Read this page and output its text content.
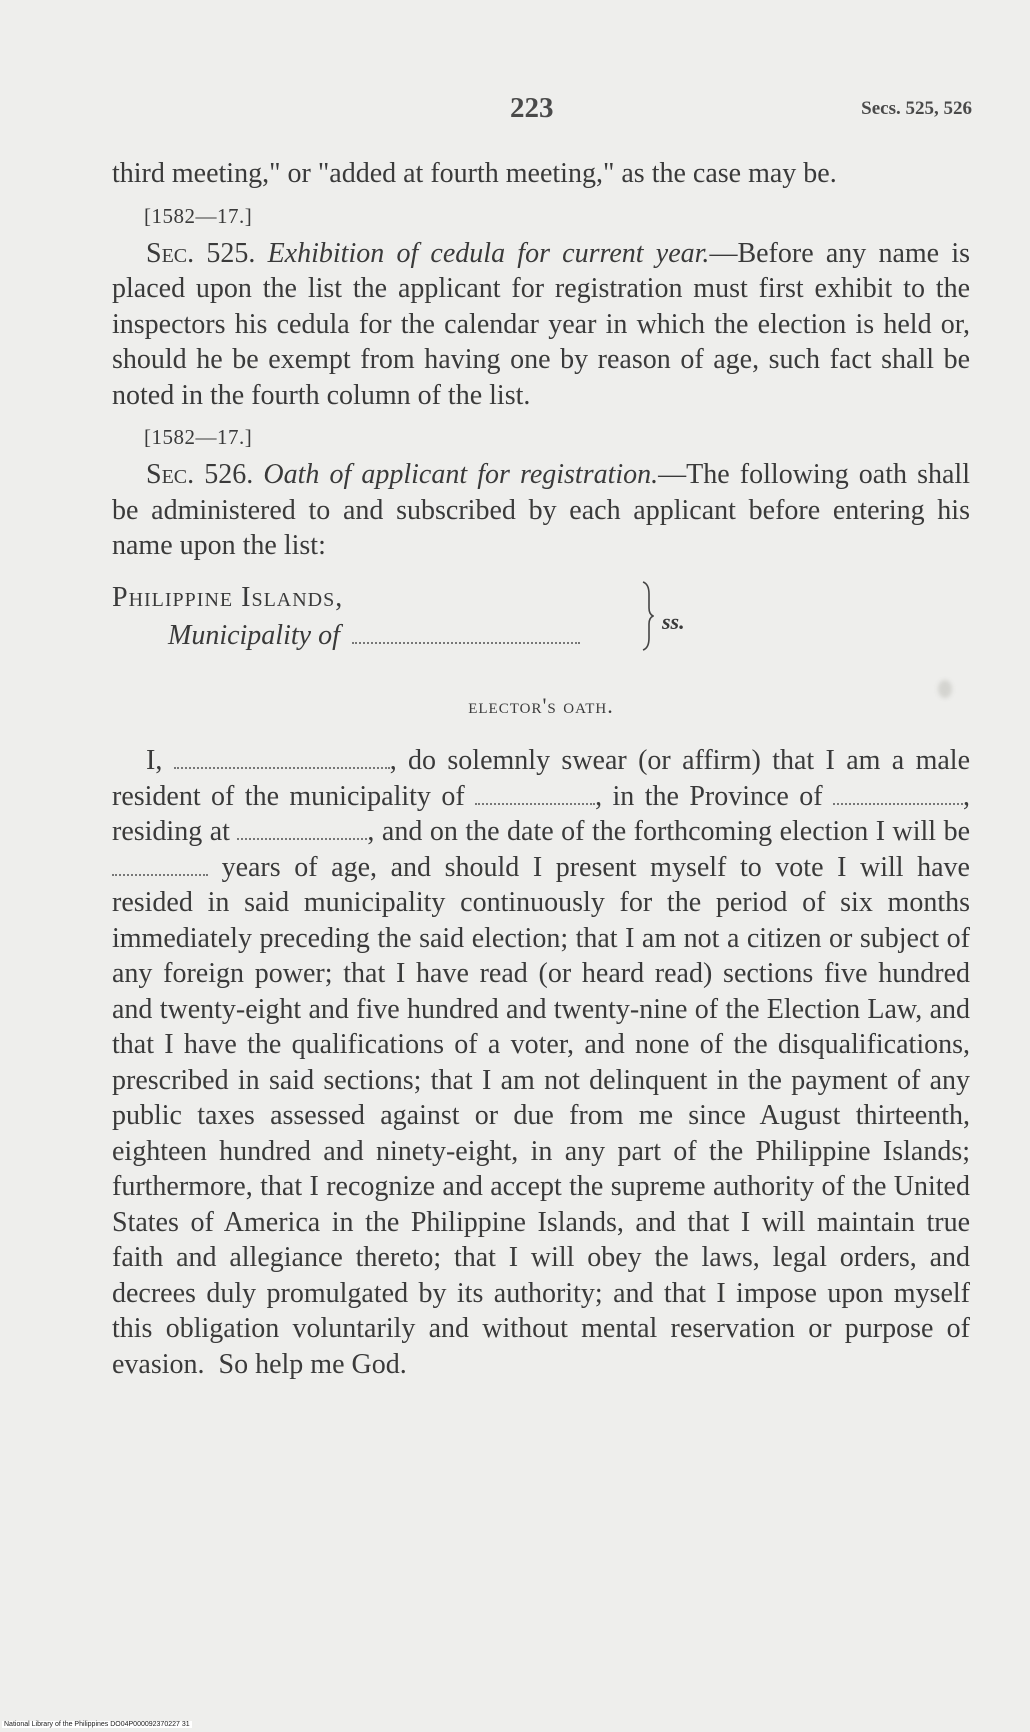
223	Secs. 525, 526

third meeting," or "added at fourth meeting," as the case may be.

[1582—17.]

Sec. 525. Exhibition of cedula for current year.—Before any name is placed upon the list the applicant for registration must first exhibit to the inspectors his cedula for the calendar year in which the election is held or, should he be exempt from having one by reason of age, such fact shall be noted in the fourth column of the list.

[1582—17.]

Sec. 526. Oath of applicant for registration.—The following oath shall be administered to and subscribed by each applicant before entering his name upon the list:

Philippine Islands,
Municipality of	ss.
elector's oath.

I,	, do solemnly swear (or affirm) that I am a male resident of the municipality of	, in the Province of	, residing at	, and on the date of the forthcoming election I will be  years of age, and should I present myself to vote I will have resided in said municipality continuously for the period of six months immediately preceding the said election; that I am not a citizen or subject of any foreign power; that I have read (or heard read) sections five hundred and twenty-eight and five hundred and twenty-nine of the Election Law, and that I have the qualifications of a voter, and none of the disqualifications, prescribed in said sections; that I am not delinquent in the payment of any public taxes assessed against or due from me since August thirteenth, eighteen hundred and ninety-eight, in any part of the Philippine Islands; furthermore, that I recognize and accept the supreme authority of the United States of America in the Philippine Islands, and that I will maintain true faith and allegiance thereto; that I will obey the laws, legal orders, and decrees duly promulgated by its authority; and that I impose upon myself this obligation voluntarily and without mental reservation or purpose of evasion. So help me God.

National Library of the Philippines DO04P000092370227 31
